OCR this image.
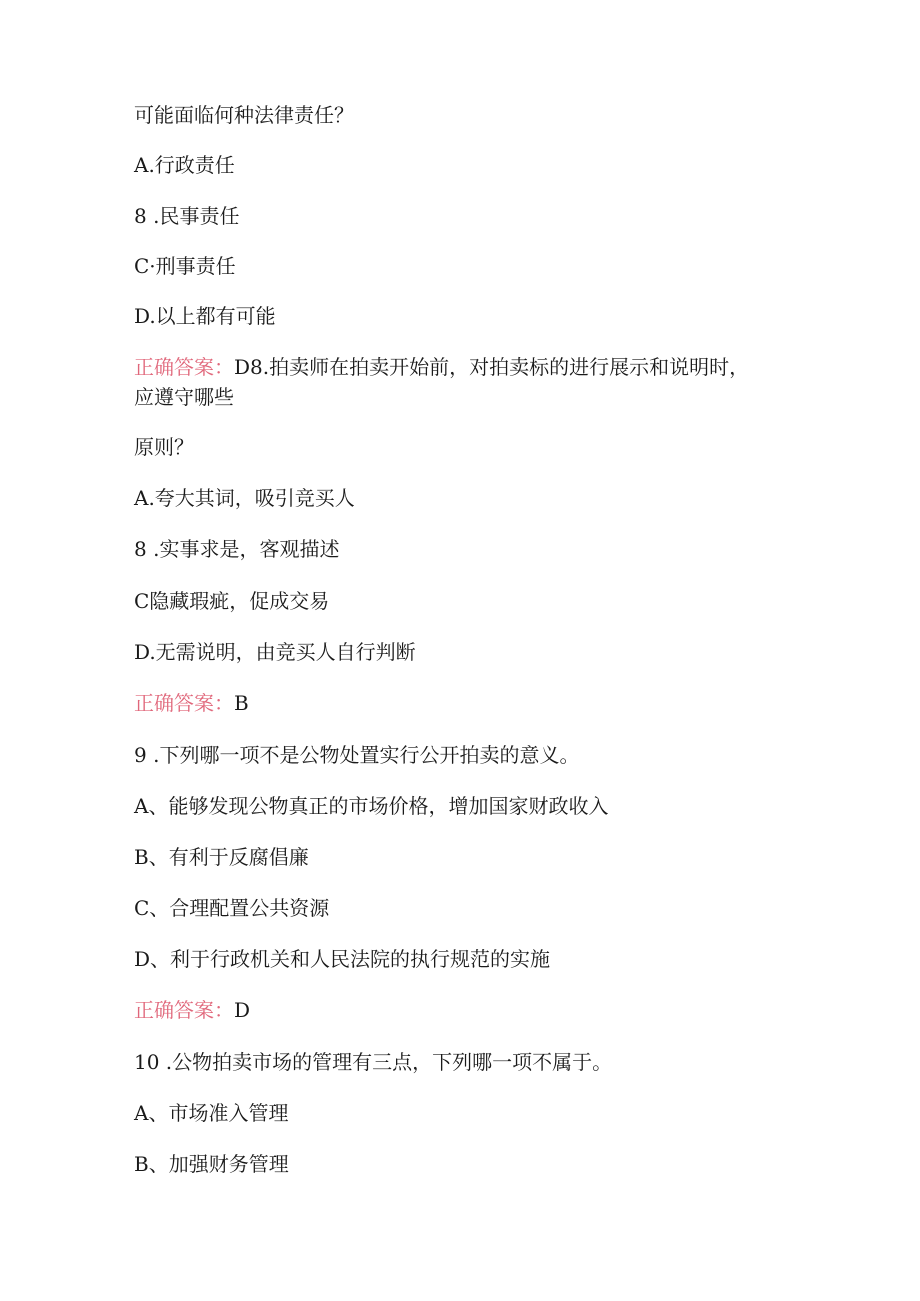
可能面临何种法律责任？
A.行政责任
8 .民事责任
C·刑事责任
D.以上都有可能
正确答案：D8.拍卖师在拍卖开始前，对拍卖标的进行展示和说明时，
应遵守哪些
原则？
A.夸大其词，吸引竞买人
8 .实事求是，客观描述
C隐藏瑕疵，促成交易
D.无需说明，由竞买人自行判断
正确答案：B
9 .下列哪一项不是公物处置实行公开拍卖的意义。
A、能够发现公物真正的市场价格，增加国家财政收入
B、有利于反腐倡廉
C、合理配置公共资源
D、利于行政机关和人民法院的执行规范的实施
正确答案：D
10 .公物拍卖市场的管理有三点，下列哪一项不属于。
A、市场准入管理
B、加强财务管理
